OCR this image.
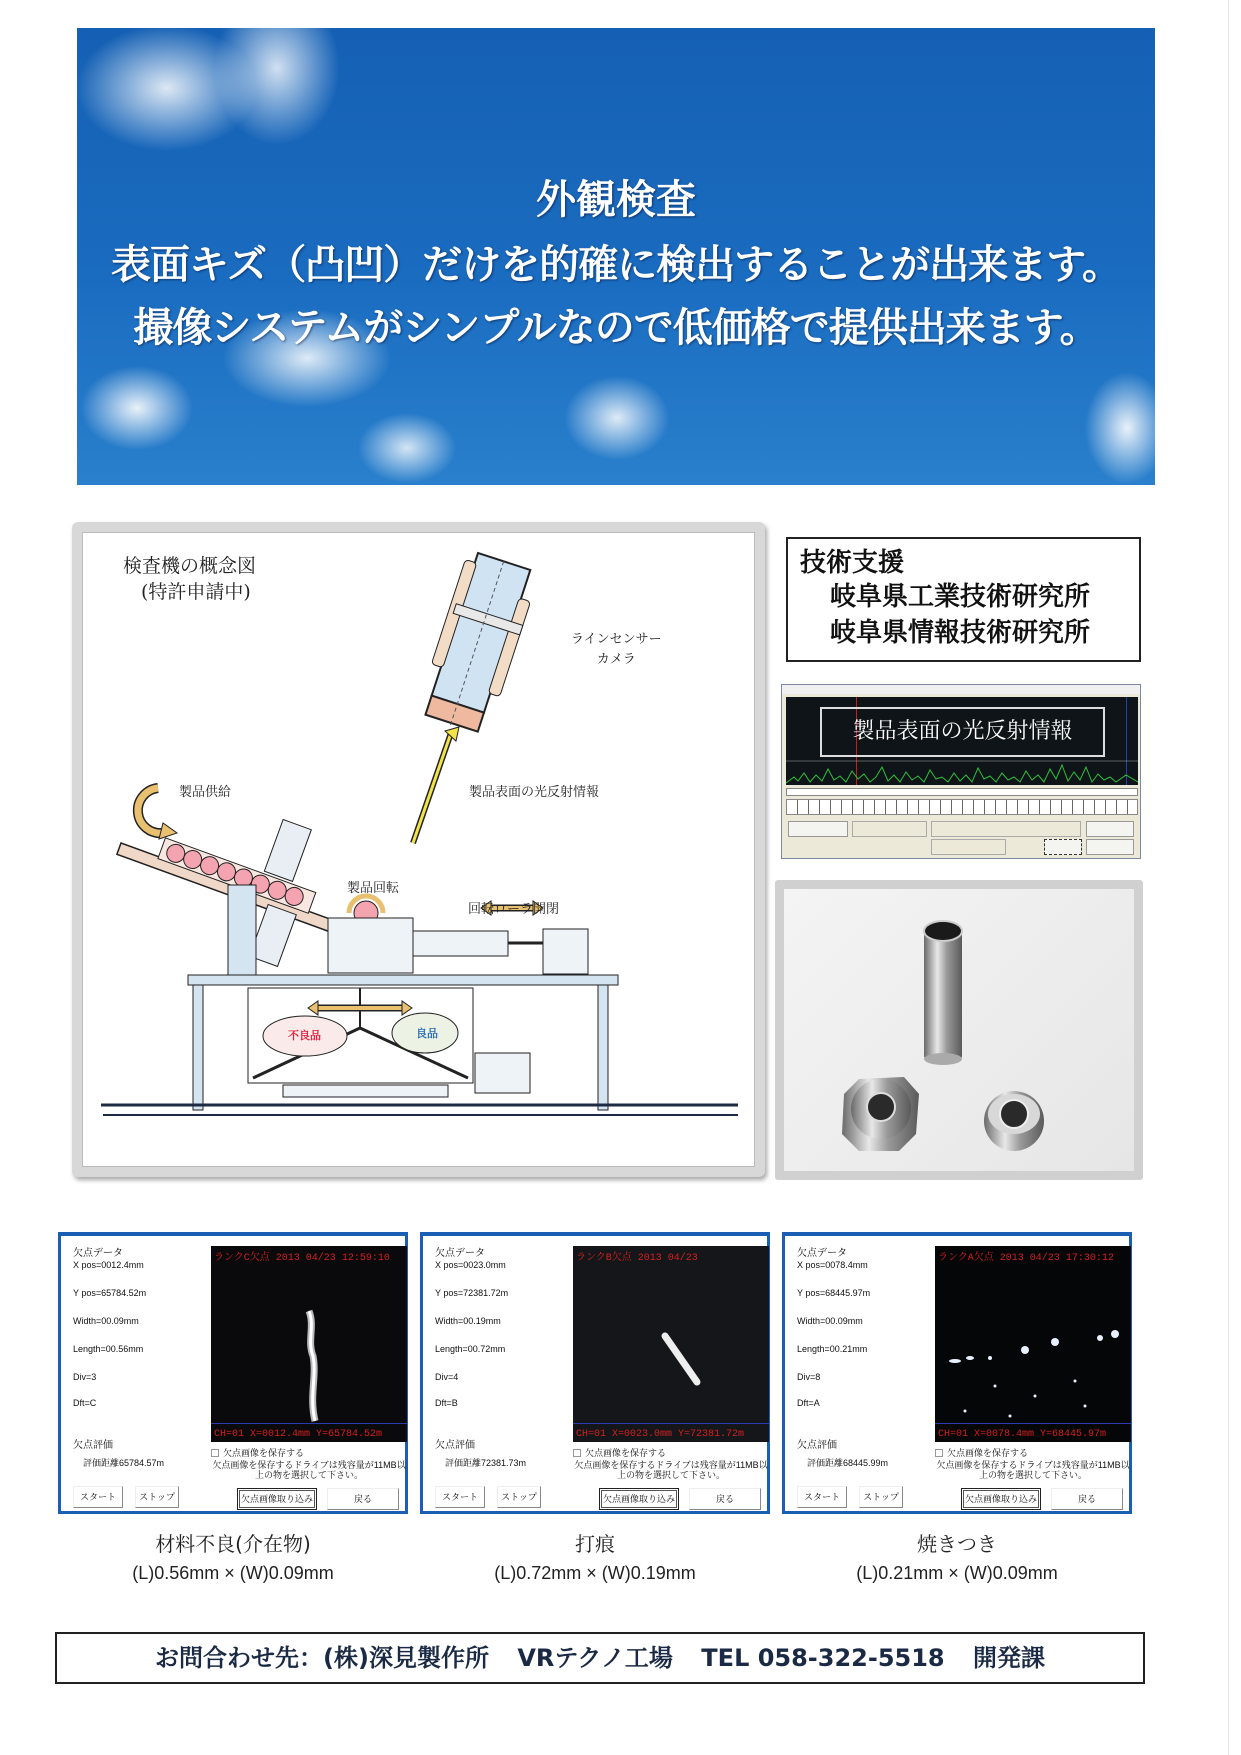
外観検査
表面キズ（凸凹）だけを的確に検出することが出来ます。
撮像システムがシンプルなので低価格で提供出来ます。
検査機の概念図
(特許申請中)
ラインセンサー
カメラ
製品供給	製品表面の光反射情報
製品回転
回転ローラ開閉
不良品	良品
技術支援
岐阜県工業技術研究所
岐阜県情報技術研究所
製品表面の光反射情報
欠点データ
X pos=0012.4mm
Y pos=65784.52m
Width=00.09mm
Length=00.56mm
Div=3
Dft=C
欠点評価
評価距離65784.57m
ランクC欠点 2013 04/23 12:59:10
CH=01 X=0012.4mm Y=65784.52m
欠点画像を保存する
欠点画像を保存するドライブは残容量が11MB以上の物を選択して下さい。
スタート	ストップ	欠点画像取り込み	戻る
欠点データ
X pos=0023.0mm
Y pos=72381.72m
Width=00.19mm
Length=00.72mm
Div=4
Dft=B
欠点評価
評価距離72381.73m
ランクB欠点 2013 04/23
CH=01 X=0023.0mm Y=72381.72m
欠点画像を保存する
欠点画像を保存するドライブは残容量が11MB以上の物を選択して下さい。
スタート	ストップ	欠点画像取り込み	戻る
欠点データ
X pos=0078.4mm
Y pos=68445.97m
Width=00.09mm
Length=00.21mm
Div=8
Dft=A
欠点評価
評価距離68445.99m
ランクA欠点 2013 04/23 17:30:12
CH=01 X=0078.4mm Y=68445.97m
欠点画像を保存する
欠点画像を保存するドライブは残容量が11MB以上の物を選択して下さい。
スタート	ストップ	欠点画像取り込み	戻る
材料不良(介在物)
(L)0.56mm × (W)0.09mm
打痕
(L)0.72mm × (W)0.19mm
焼きつき
(L)0.21mm × (W)0.09mm
お問合わせ先：(株)深見製作所 VRテクノ工場 TEL 058-322-5518 開発課
